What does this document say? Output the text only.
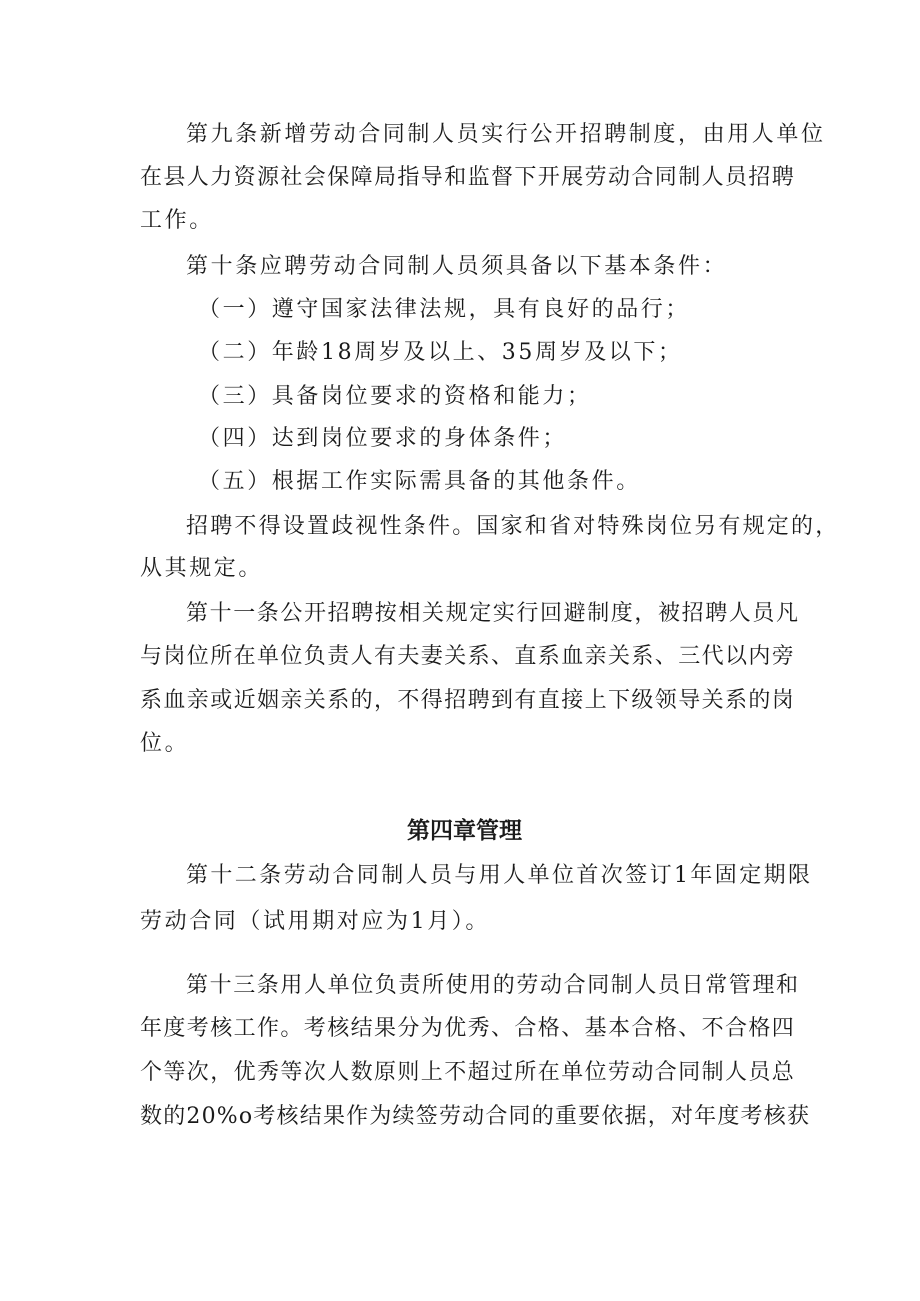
第九条新增劳动合同制人员实行公开招聘制度，由用人单位
在县人力资源社会保障局指导和监督下开展劳动合同制人员招聘
工作。
第十条应聘劳动合同制人员须具备以下基本条件：
（一）遵守国家法律法规，具有良好的品行；
（二）年龄18周岁及以上、35周岁及以下；
（三）具备岗位要求的资格和能力；
（四）达到岗位要求的身体条件；
（五）根据工作实际需具备的其他条件。
招聘不得设置歧视性条件。国家和省对特殊岗位另有规定的，
从其规定。
第十一条公开招聘按相关规定实行回避制度，被招聘人员凡
与岗位所在单位负责人有夫妻关系、直系血亲关系、三代以内旁
系血亲或近姻亲关系的，不得招聘到有直接上下级领导关系的岗
位。
第四章管理
第十二条劳动合同制人员与用人单位首次签订1年固定期限
劳动合同（试用期对应为1月）。
第十三条用人单位负责所使用的劳动合同制人员日常管理和
年度考核工作。考核结果分为优秀、合格、基本合格、不合格四
个等次，优秀等次人数原则上不超过所在单位劳动合同制人员总
数的20%o考核结果作为续签劳动合同的重要依据，对年度考核获
